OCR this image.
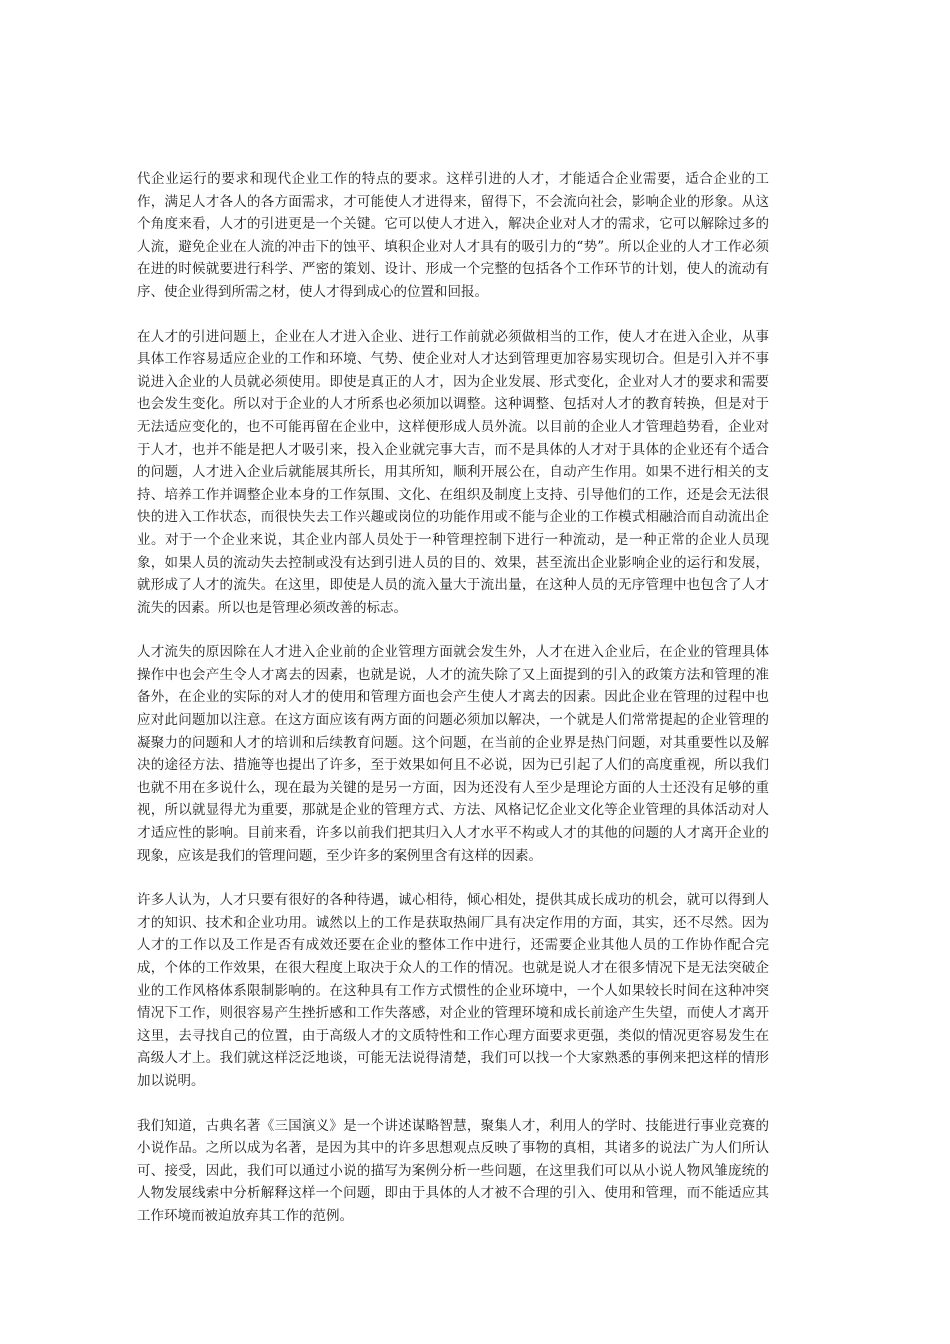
代企业运行的要求和现代企业工作的特点的要求。这样引进的人才，才能适合企业需要，适合企业的工作，满足人才各人的各方面需求，才可能使人才进得来，留得下，不会流向社会，影响企业的形象。从这个角度来看，人才的引进更是一个关键。它可以使人才进入，解决企业对人才的需求，它可以解除过多的人流，避免企业在人流的冲击下的蚀平、填积企业对人才具有的吸引力的“势”。所以企业的人才工作必须在进的时候就要进行科学、严密的策划、设计、形成一个完整的包括各个工作环节的计划，使人的流动有序、使企业得到所需之材，使人才得到成心的位置和回报。

在人才的引进问题上，企业在人才进入企业、进行工作前就必须做相当的工作，使人才在进入企业，从事具体工作容易适应企业的工作和环境、气势、使企业对人才达到管理更加容易实现切合。但是引入并不事说进入企业的人员就必须使用。即使是真正的人才，因为企业发展、形式变化，企业对人才的要求和需要也会发生变化。所以对于企业的人才所系也必须加以调整。这种调整、包括对人才的教育转换，但是对于无法适应变化的，也不可能再留在企业中，这样便形成人员外流。以目前的企业人才管理趋势看，企业对于人才，也并不能是把人才吸引来，投入企业就完事大吉，而不是具体的人才对于具体的企业还有个适合的问题，人才进入企业后就能展其所长，用其所知，顺利开展公在，自动产生作用。如果不进行相关的支持、培养工作并调整企业本身的工作氛围、文化、在组织及制度上支持、引导他们的工作，还是会无法很快的进入工作状态，而很快失去工作兴趣或岗位的功能作用或不能与企业的工作模式相融洽而自动流出企业。对于一个企业来说，其企业内部人员处于一种管理控制下进行一种流动，是一种正常的企业人员现象，如果人员的流动失去控制或没有达到引进人员的目的、效果，甚至流出企业影响企业的运行和发展，就形成了人才的流失。在这里，即使是人员的流入量大于流出量，在这种人员的无序管理中也包含了人才流失的因素。所以也是管理必须改善的标志。

人才流失的原因除在人才进入企业前的企业管理方面就会发生外，人才在进入企业后，在企业的管理具体操作中也会产生令人才离去的因素，也就是说，人才的流失除了又上面提到的引入的政策方法和管理的准备外，在企业的实际的对人才的使用和管理方面也会产生使人才离去的因素。因此企业在管理的过程中也应对此问题加以注意。在这方面应该有两方面的问题必须加以解决，一个就是人们常常提起的企业管理的凝聚力的问题和人才的培训和后续教育问题。这个问题，在当前的企业界是热门问题，对其重要性以及解决的途径方法、措施等也提出了许多，至于效果如何且不必说，因为已引起了人们的高度重视，所以我们也就不用在多说什么，现在最为关键的是另一方面，因为还没有人至少是理论方面的人士还没有足够的重视，所以就显得尤为重要，那就是企业的管理方式、方法、风格记忆企业文化等企业管理的具体活动对人才适应性的影响。目前来看，许多以前我们把其归入人才水平不构或人才的其他的问题的人才离开企业的现象，应该是我们的管理问题，至少许多的案例里含有这样的因素。

许多人认为，人才只要有很好的各种待遇，诚心相待，倾心相处，提供其成长成功的机会，就可以得到人才的知识、技术和企业功用。诚然以上的工作是获取热闹厂具有决定作用的方面，其实，还不尽然。因为人才的工作以及工作是否有成效还要在企业的整体工作中进行，还需要企业其他人员的工作协作配合完成，个体的工作效果，在很大程度上取决于众人的工作的情况。也就是说人才在很多情况下是无法突破企业的工作风格体系限制影响的。在这种具有工作方式惯性的企业环境中，一个人如果较长时间在这种冲突情况下工作，则很容易产生挫折感和工作失落感，对企业的管理环境和成长前途产生失望，而使人才离开这里，去寻找自己的位置，由于高级人才的文质特性和工作心理方面要求更强，类似的情况更容易发生在高级人才上。我们就这样泛泛地谈，可能无法说得清楚，我们可以找一个大家熟悉的事例来把这样的情形加以说明。

我们知道，古典名著《三国演义》是一个讲述谋略智慧，聚集人才，利用人的学时、技能进行事业竞赛的小说作品。之所以成为名著，是因为其中的许多思想观点反映了事物的真相，其诸多的说法广为人们所认可、接受，因此，我们可以通过小说的描写为案例分析一些问题，在这里我们可以从小说人物风雏庞统的人物发展线索中分析解释这样一个问题，即由于具体的人才被不合理的引入、使用和管理，而不能适应其工作环境而被迫放弃其工作的范例。
